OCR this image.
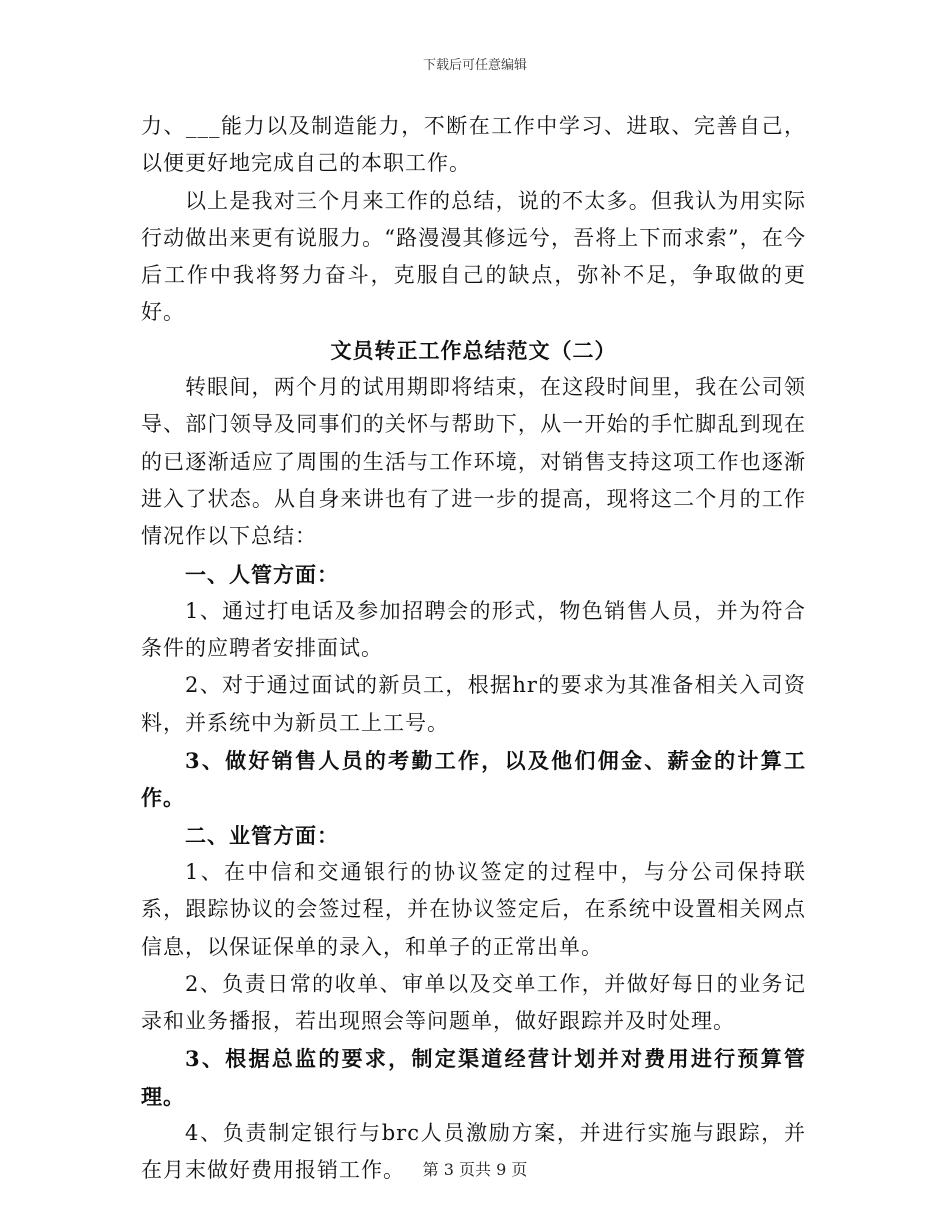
下载后可任意编辑

力、___能力以及制造能力，不断在工作中学习、进取、完善自己，以便更好地完成自己的本职工作。

以上是我对三个月来工作的总结，说的不太多。但我认为用实际行动做出来更有说服力。“路漫漫其修远兮，吾将上下而求索”，在今后工作中我将努力奋斗，克服自己的缺点，弥补不足，争取做的更好。

文员转正工作总结范文（二）

转眼间，两个月的试用期即将结束，在这段时间里，我在公司领导、部门领导及同事们的关怀与帮助下，从一开始的手忙脚乱到现在的已逐渐适应了周围的生活与工作环境，对销售支持这项工作也逐渐进入了状态。从自身来讲也有了进一步的提高，现将这二个月的工作情况作以下总结：

一、人管方面：

1、通过打电话及参加招聘会的形式，物色销售人员，并为符合条件的应聘者安排面试。

2、对于通过面试的新员工，根据hr的要求为其准备相关入司资料，并系统中为新员工上工号。

3、做好销售人员的考勤工作，以及他们佣金、薪金的计算工作。

二、业管方面：

1、在中信和交通银行的协议签定的过程中，与分公司保持联系，跟踪协议的会签过程，并在协议签定后，在系统中设置相关网点信息，以保证保单的录入，和单子的正常出单。

2、负责日常的收单、审单以及交单工作，并做好每日的业务记录和业务播报，若出现照会等问题单，做好跟踪并及时处理。

3、根据总监的要求，制定渠道经营计划并对费用进行预算管理。

4、负责制定银行与brc人员激励方案，并进行实施与跟踪，并在月末做好费用报销工作。	第 3 页共 9 页
